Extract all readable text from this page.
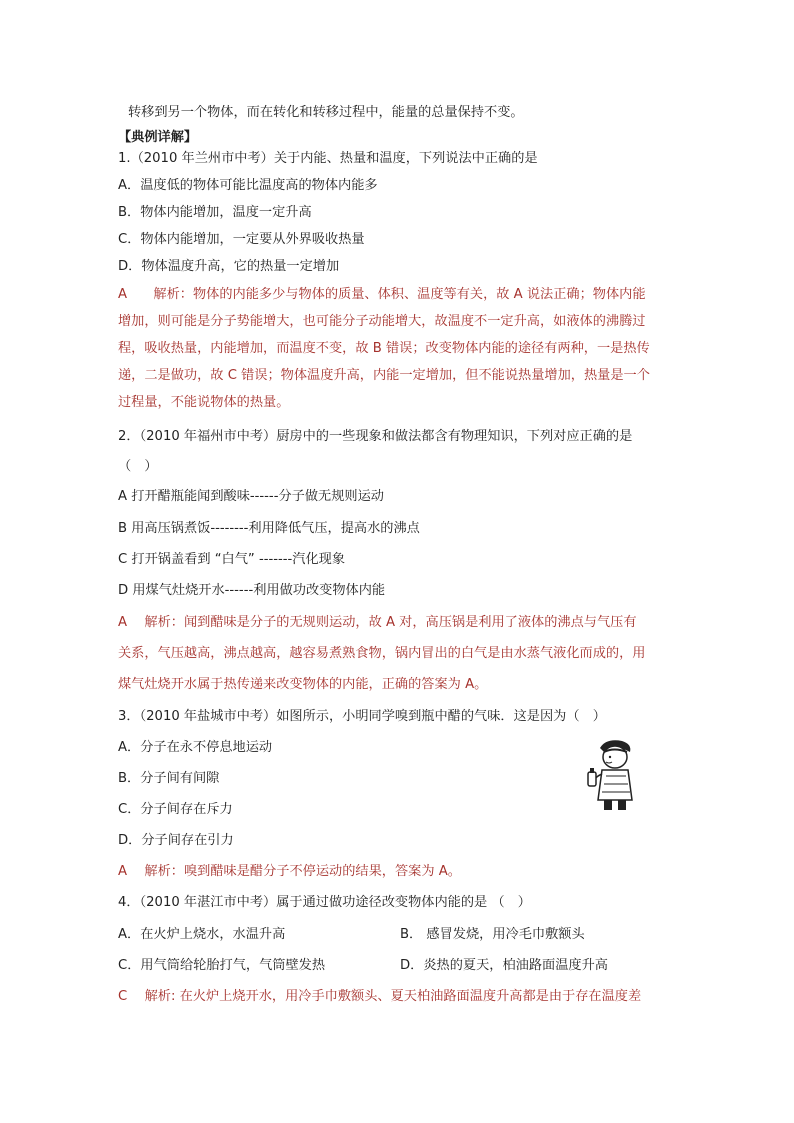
转移到另一个物体，而在转化和转移过程中，能量的总量保持不变。
【典例详解】
1.（2010 年兰州市中考）关于内能、热量和温度，下列说法中正确的是
A．温度低的物体可能比温度高的物体内能多
B．物体内能增加，温度一定升高
C．物体内能增加，一定要从外界吸收热量
D．物体温度升高，它的热量一定增加
A　　解析：物体的内能多少与物体的质量、体积、温度等有关，故 A 说法正确；物体内能
增加，则可能是分子势能增大，也可能分子动能增大，故温度不一定升高，如液体的沸腾过
程，吸收热量，内能增加，而温度不变，故 B 错误；改变物体内能的途径有两种，一是热传
递，二是做功，故 C 错误；物体温度升高，内能一定增加，但不能说热量增加，热量是一个
过程量，不能说物体的热量。
2．（2010 年福州市中考）厨房中的一些现象和做法都含有物理知识，下列对应正确的是
（　）
A 打开醋瓶能闻到酸味------分子做无规则运动
B 用高压锅煮饭--------利用降低气压，提高水的沸点
C 打开锅盖看到 “白气” -------汽化现象
D 用煤气灶烧开水------利用做功改变物体内能
A　 解析：闻到醋味是分子的无规则运动，故 A 对，高压锅是利用了液体的沸点与气压有
关系，气压越高，沸点越高，越容易煮熟食物，锅内冒出的白气是由水蒸气液化而成的，用
煤气灶烧开水属于热传递来改变物体的内能，正确的答案为 A。
3．（2010 年盐城市中考）如图所示，小明同学嗅到瓶中醋的气味．这是因为（　）
A．分子在永不停息地运动
B．分子间有间隙
C．分子间存在斥力
D．分子间存在引力
A　 解析：嗅到醋味是醋分子不停运动的结果，答案为 A。
4．（2010 年湛江市中考）属于通过做功途径改变物体内能的是 （　）
A．在火炉上烧水，水温升高	B． 感冒发烧，用冷毛巾敷额头
C．用气筒给轮胎打气，气筒壁发热	D．炎热的夏天，柏油路面温度升高
C　 解析: 在火炉上烧开水，用冷手巾敷额头、夏天柏油路面温度升高都是由于存在温度差
